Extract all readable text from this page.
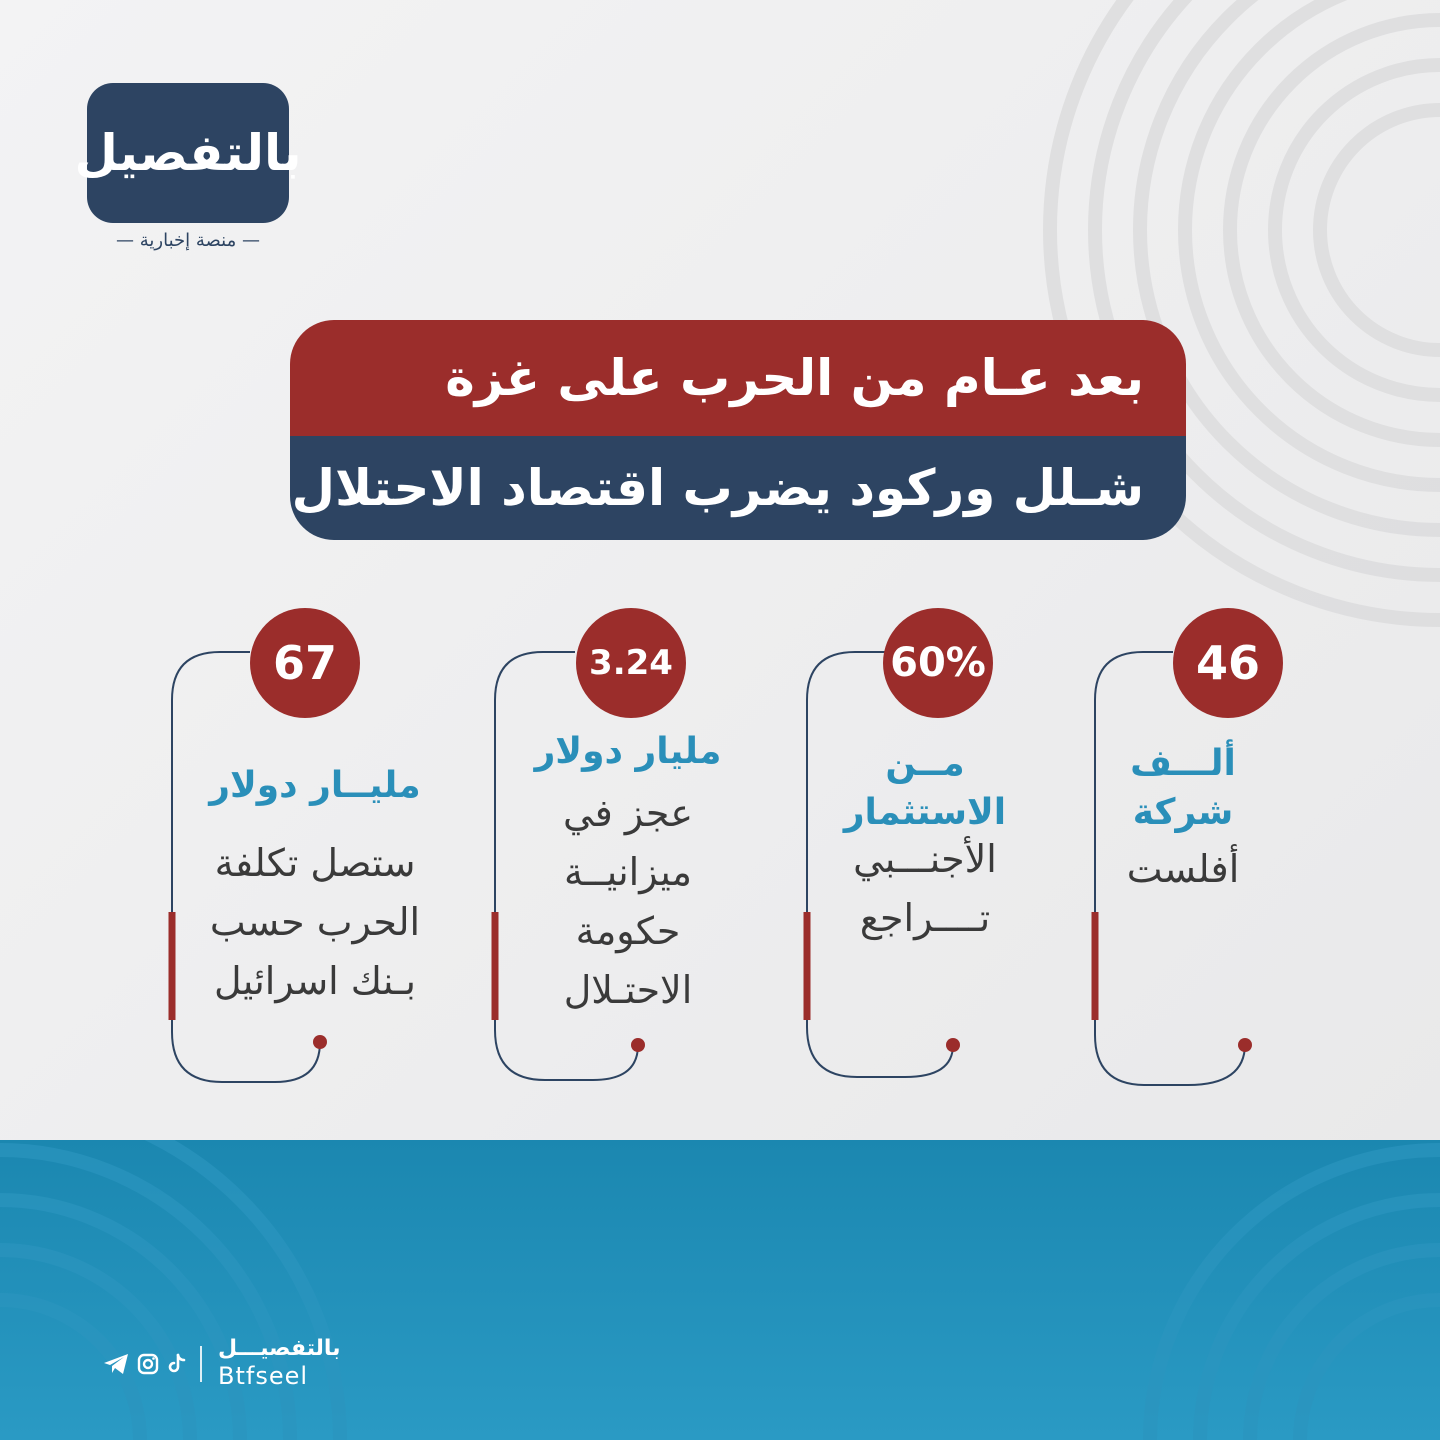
بالتفصيل
— منصة إخبارية —
بعد عـام من الحرب على غزة
شـلل وركود يضرب اقتصاد الاحتلال
46
ألـــف
شركة
أفلست
60%
مــن
الاستثمار
الأجنـــبي
تــــراجع
3.24
مليار دولار
عجز في
ميزانيــة
حكومة
الاحتـلال
67
مليــار دولار
ستصل تكلفة
الحرب حسب
بـنك اسرائيل
بالتفصيـــل
Btfseel
